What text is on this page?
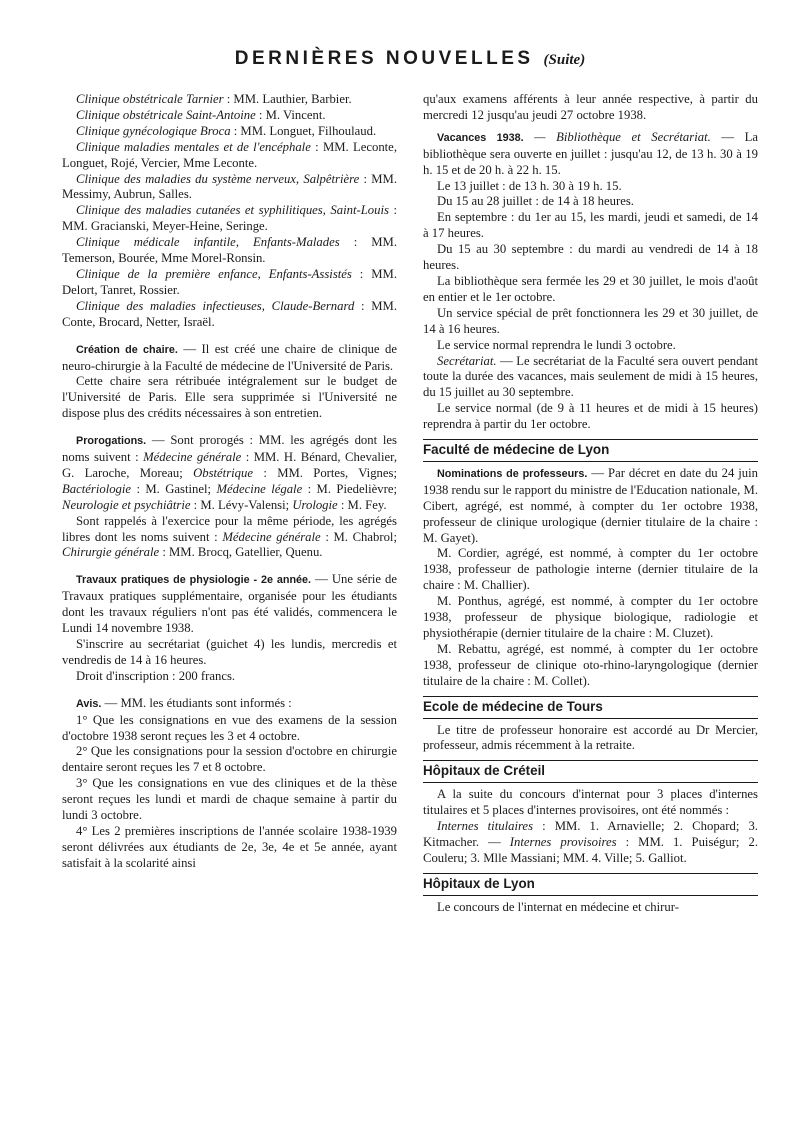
DERNIÈRES NOUVELLES (Suite)

Clinique obstétricale Tarnier : MM. Lauthier, Barbier.

Clinique obstétricale Saint-Antoine : M. Vincent.

Clinique gynécologique Broca : MM. Longuet, Filhoulaud.

Clinique maladies mentales et de l'encéphale : MM. Leconte, Longuet, Rojé, Vercier, Mme Leconte.

Clinique des maladies du système nerveux, Salpêtrière : MM. Messimy, Aubrun, Salles.

Clinique des maladies cutanées et syphilitiques, Saint-Louis : MM. Gracianski, Meyer-Heine, Seringe.

Clinique médicale infantile, Enfants-Malades : MM. Temerson, Bourée, Mme Morel-Ronsin.

Clinique de la première enfance, Enfants-Assistés : MM. Delort, Tanret, Rossier.

Clinique des maladies infectieuses, Claude-Bernard : MM. Conte, Brocard, Netter, Israël.

Création de chaire. — Il est créé une chaire de clinique de neuro-chirurgie à la Faculté de médecine de l'Université de Paris.

Cette chaire sera rétribuée intégralement sur le budget de l'Université de Paris. Elle sera supprimée si l'Université ne dispose plus des crédits nécessaires à son entretien.

Prorogations. — Sont prorogés : MM. les agrégés dont les noms suivent : Médecine générale : MM. H. Bénard, Chevalier, G. Laroche, Moreau; Obstétrique : MM. Portes, Vignes; Bactériologie : M. Gastinel; Médecine légale : M. Piedelièvre; Neurologie et psychiâtrie : M. Lévy-Valensi; Urologie : M. Fey.

Sont rappelés à l'exercice pour la même période, les agrégés libres dont les noms suivent : Médecine générale : M. Chabrol; Chirurgie générale : MM. Brocq, Gatellier, Quenu.

Travaux pratiques de physiologie - 2e année. — Une série de Travaux pratiques supplémentaire, organisée pour les étudiants dont les travaux réguliers n'ont pas été validés, commencera le Lundi 14 novembre 1938.

S'inscrire au secrétariat (guichet 4) les lundis, mercredis et vendredis de 14 à 16 heures.

Droit d'inscription : 200 francs.

Avis. — MM. les étudiants sont informés :

1° Que les consignations en vue des examens de la session d'octobre 1938 seront reçues les 3 et 4 octobre.

2° Que les consignations pour la session d'octobre en chirurgie dentaire seront reçues les 7 et 8 octobre.

3° Que les consignations en vue des cliniques et de la thèse seront reçues les lundi et mardi de chaque semaine à partir du lundi 3 octobre.

4° Les 2 premières inscriptions de l'année scolaire 1938-1939 seront délivrées aux étudiants de 2e, 3e, 4e et 5e année, ayant satisfait à la scolarité ainsi

qu'aux examens afférents à leur année respective, à partir du mercredi 12 jusqu'au jeudi 27 octobre 1938.

Vacances 1938. — Bibliothèque et Secrétariat. — La bibliothèque sera ouverte en juillet : jusqu'au 12, de 13 h. 30 à 19 h. 15 et de 20 h. à 22 h. 15.

Le 13 juillet : de 13 h. 30 à 19 h. 15.

Du 15 au 28 juillet : de 14 à 18 heures.

En septembre : du 1er au 15, les mardi, jeudi et samedi, de 14 à 17 heures.

Du 15 au 30 septembre : du mardi au vendredi de 14 à 18 heures.

La bibliothèque sera fermée les 29 et 30 juillet, le mois d'août en entier et le 1er octobre.

Un service spécial de prêt fonctionnera les 29 et 30 juillet, de 14 à 16 heures.

Le service normal reprendra le lundi 3 octobre.

Secrétariat. — Le secrétariat de la Faculté sera ouvert pendant toute la durée des vacances, mais seulement de midi à 15 heures, du 15 juillet au 30 septembre.

Le service normal (de 9 à 11 heures et de midi à 15 heures) reprendra à partir du 1er octobre.

Faculté de médecine de Lyon

Nominations de professeurs. — Par décret en date du 24 juin 1938 rendu sur le rapport du ministre de l'Education nationale, M. Cibert, agrégé, est nommé, à compter du 1er octobre 1938, professeur de clinique urologique (dernier titulaire de la chaire : M. Gayet).

M. Cordier, agrégé, est nommé, à compter du 1er octobre 1938, professeur de pathologie interne (dernier titulaire de la chaire : M. Challier).

M. Ponthus, agrégé, est nommé, à compter du 1er octobre 1938, professeur de physique biologique, radiologie et physiothérapie (dernier titulaire de la chaire : M. Cluzet).

M. Rebattu, agrégé, est nommé, à compter du 1er octobre 1938, professeur de clinique oto-rhino-laryngologique (dernier titulaire de la chaire : M. Collet).

Ecole de médecine de Tours

Le titre de professeur honoraire est accordé au Dr Mercier, professeur, admis récemment à la retraite.

Hôpitaux de Créteil

A la suite du concours d'internat pour 3 places d'internes titulaires et 5 places d'internes provisoires, ont été nommés :

Internes titulaires : MM. 1. Arnavielle; 2. Chopard; 3. Kitmacher. — Internes provisoires : MM. 1. Puiségur; 2. Couleru; 3. Mlle Massiani; MM. 4. Ville; 5. Galliot.

Hôpitaux de Lyon

Le concours de l'internat en médecine et chirur-
